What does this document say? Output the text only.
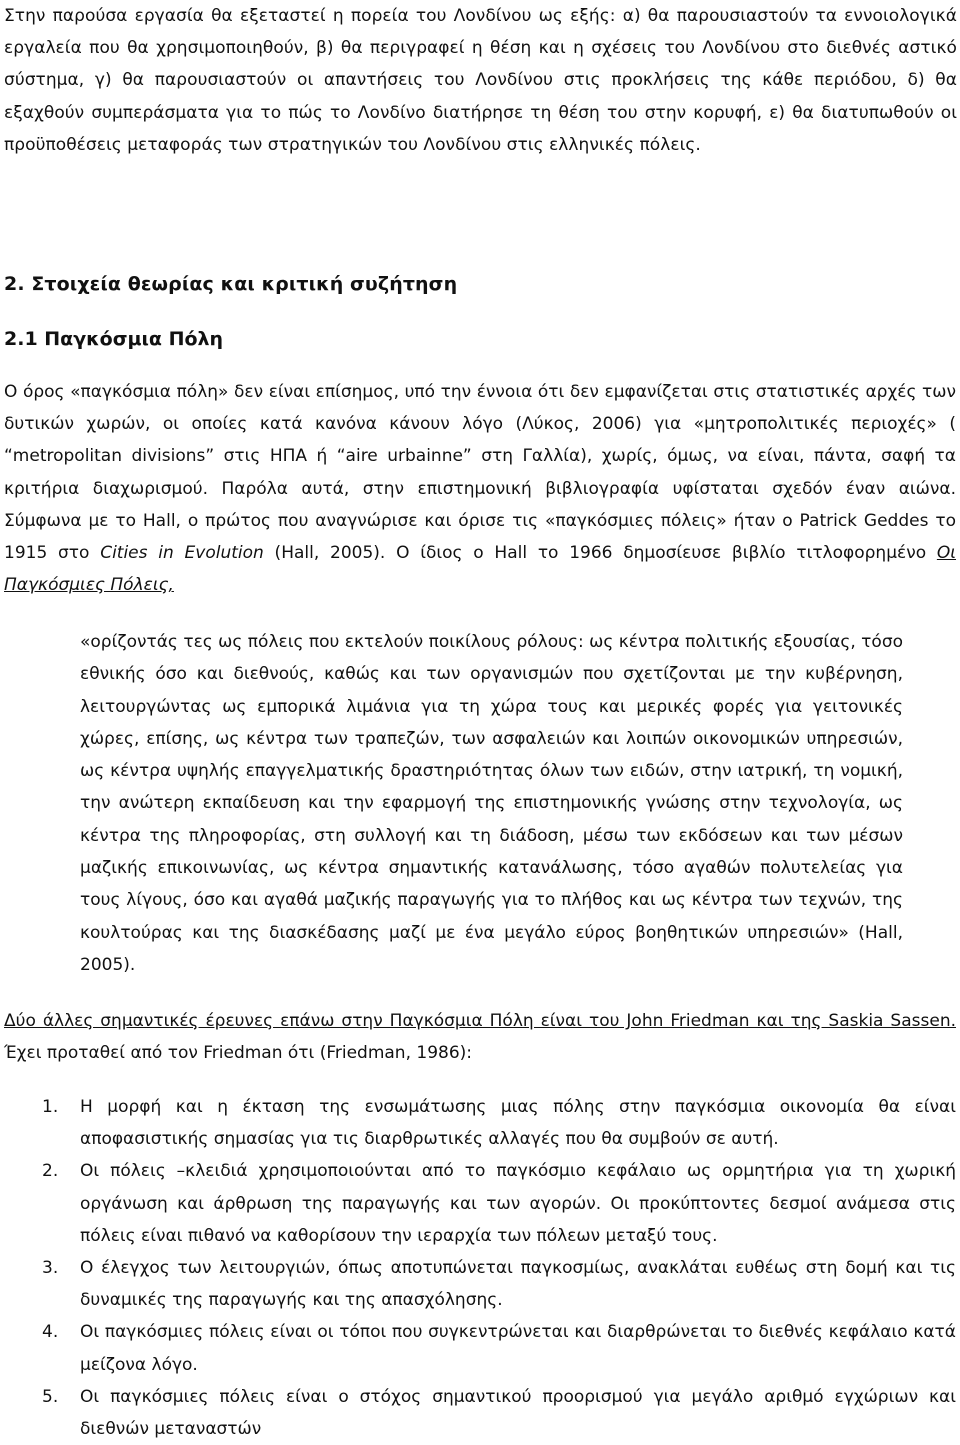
Στην παρούσα εργασία θα εξεταστεί η πορεία του Λονδίνου ως εξής: α) θα παρουσιαστούν τα εννοιολογικά εργαλεία που θα χρησιμοποιηθούν, β) θα περιγραφεί η θέση και η σχέσεις του Λονδίνου στο διεθνές αστικό σύστημα, γ) θα παρουσιαστούν οι απαντήσεις του Λονδίνου στις προκλήσεις της κάθε περιόδου, δ) θα εξαχθούν συμπεράσματα για το πώς το Λονδίνο διατήρησε τη θέση του στην κορυφή, ε) θα διατυπωθούν οι προϋποθέσεις μεταφοράς των στρατηγικών του Λονδίνου στις ελληνικές πόλεις.

2. Στοιχεία θεωρίας και κριτική συζήτηση
2.1 Παγκόσμια Πόλη

Ο όρος «παγκόσμια πόλη» δεν είναι επίσημος, υπό την έννοια ότι δεν εμφανίζεται στις στατιστικές αρχές των δυτικών χωρών, οι οποίες κατά κανόνα κάνουν λόγο (Λύκος, 2006) για «μητροπολιτικές περιοχές» ( “metropolitan divisions” στις ΗΠΑ ή “aire urbainne” στη Γαλλία), χωρίς, όμως, να είναι, πάντα, σαφή τα κριτήρια διαχωρισμού. Παρόλα αυτά, στην επιστημονική βιβλιογραφία υφίσταται σχεδόν έναν αιώνα. Σύμφωνα με το Hall, ο πρώτος που αναγνώρισε και όρισε τις «παγκόσμιες πόλεις» ήταν ο Patrick Geddes το 1915 στο Cities in Evolution (Hall, 2005). Ο ίδιος ο Hall το 1966 δημοσίευσε βιβλίο τιτλοφορημένο Οι Παγκόσμιες Πόλεις,

«ορίζοντάς τες ως πόλεις που εκτελούν ποικίλους ρόλους: ως κέντρα πολιτικής εξουσίας, τόσο εθνικής όσο και διεθνούς, καθώς και των οργανισμών που σχετίζονται με την κυβέρνηση, λειτουργώντας ως εμπορικά λιμάνια για τη χώρα τους και μερικές φορές για γειτονικές χώρες, επίσης, ως κέντρα των τραπεζών, των ασφαλειών και λοιπών οικονομικών υπηρεσιών, ως κέντρα υψηλής επαγγελματικής δραστηριότητας όλων των ειδών, στην ιατρική, τη νομική, την ανώτερη εκπαίδευση και την εφαρμογή της επιστημονικής γνώσης στην τεχνολογία, ως κέντρα της πληροφορίας, στη συλλογή και τη διάδοση, μέσω των εκδόσεων και των μέσων μαζικής επικοινωνίας, ως κέντρα σημαντικής κατανάλωσης, τόσο αγαθών πολυτελείας για τους λίγους, όσο και αγαθά μαζικής παραγωγής για το πλήθος και ως κέντρα των τεχνών, της κουλτούρας και της διασκέδασης μαζί με ένα μεγάλο εύρος βοηθητικών υπηρεσιών» (Hall, 2005).

Δύο άλλες σημαντικές έρευνες επάνω στην Παγκόσμια Πόλη είναι του John Friedman και της Saskia Sassen. Έχει προταθεί από τον Friedman ότι (Friedman, 1986):

1. Η μορφή και η έκταση της ενσωμάτωσης μιας πόλης στην παγκόσμια οικονομία θα είναι αποφασιστικής σημασίας για τις διαρθρωτικές αλλαγές που θα συμβούν σε αυτή.
2. Οι πόλεις –κλειδιά χρησιμοποιούνται από το παγκόσμιο κεφάλαιο ως ορμητήρια για τη χωρική οργάνωση και άρθρωση της παραγωγής και των αγορών. Οι προκύπτοντες δεσμοί ανάμεσα στις πόλεις είναι πιθανό να καθορίσουν την ιεραρχία των πόλεων μεταξύ τους.
3. Ο έλεγχος των λειτουργιών, όπως αποτυπώνεται παγκοσμίως, ανακλάται ευθέως στη δομή και τις δυναμικές της παραγωγής και της απασχόλησης.
4. Οι παγκόσμιες πόλεις είναι οι τόποι που συγκεντρώνεται και διαρθρώνεται το διεθνές κεφάλαιο κατά μείζονα λόγο.
5. Οι παγκόσμιες πόλεις είναι ο στόχος σημαντικού προορισμού για μεγάλο αριθμό εγχώριων και διεθνών μεταναστών
